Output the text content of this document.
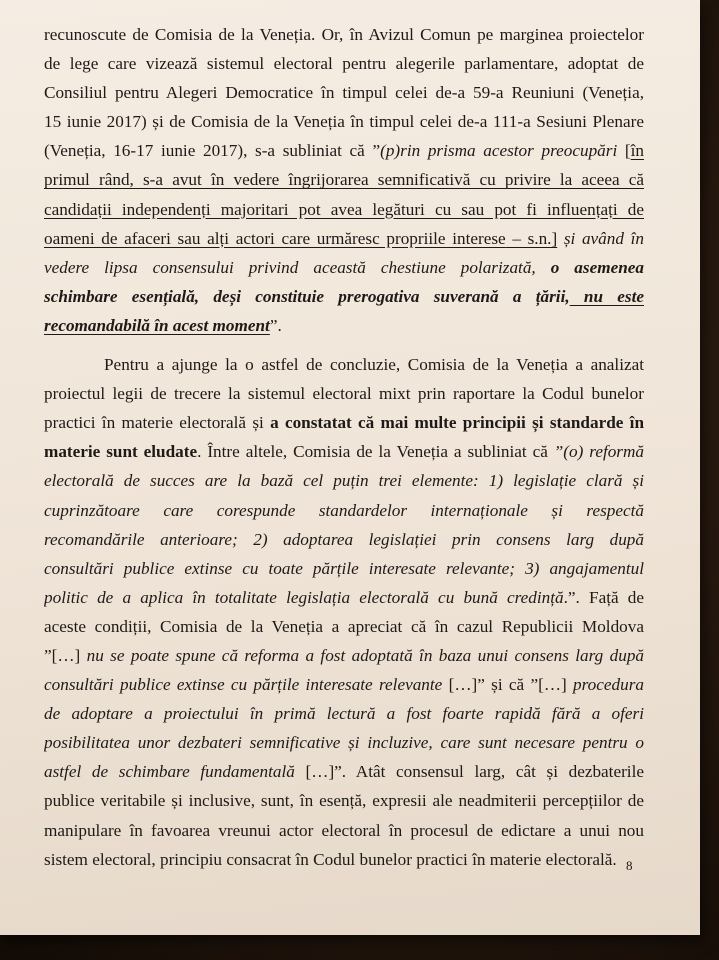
recunoscute de Comisia de la Veneția. Or, în Avizul Comun pe marginea proiectelor
de lege care vizează sistemul electoral pentru alegerile parlamentare, adoptat de
Consiliul pentru Alegeri Democratice în timpul celei de-a 59-a Reuniuni (Veneția,
15 iunie 2017) și de Comisia de la Veneția în timpul celei de-a 111-a Sesiuni Plenare
(Veneția, 16-17 iunie 2017), s-a subliniat că ”(p)rin prisma acestor preocupări [în
primul rând, s-a avut în vedere îngrijorarea semnificativă cu privire la aceea că
candidații independenți majoritari pot avea legături cu sau pot fi influențați de
oameni de afaceri sau alți actori care urmăresc propriile interese – s.n.] și având în
vedere lipsa consensului privind această chestiune polarizată, o asemenea
schimbare esențială, deși constituie prerogativa suverană a țării, nu este
recomandabilă în acest moment”.
Pentru a ajunge la o astfel de concluzie, Comisia de la Veneția a analizat
proiectul legii de trecere la sistemul electoral mixt prin raportare la Codul bunelor
practici în materie electorală și a constatat că mai multe principii și standarde în
materie sunt eludate. Între altele, Comisia de la Veneția a subliniat că ”(o) reformă
electorală de succes are la bază cel puțin trei elemente: 1) legislație clară și
cuprinzătoare care corespunde standardelor internaționale și respectă
recomandările anterioare; 2) adoptarea legislației prin consens larg după
consultări publice extinse cu toate părțile interesate relevante; 3) angajamentul
politic de a aplica în totalitate legislația electorală cu bună credință.”. Față de
aceste condiții, Comisia de la Veneția a apreciat că în cazul Republicii Moldova
”[…] nu se poate spune că reforma a fost adoptată în baza unui consens larg după
consultări publice extinse cu părțile interesate relevante […]” și că ”[…] procedura
de adoptare a proiectului în primă lectură a fost foarte rapidă fără a oferi
posibilitatea unor dezbateri semnificative și incluzive, care sunt necesare pentru o
astfel de schimbare fundamentală […]”. Atât consensul larg, cât și dezbaterile
publice veritabile și inclusive, sunt, în esență, expresii ale neadmiterii percepțiilor de
manipulare în favoarea vreunui actor electoral în procesul de edictare a unui nou
sistem electoral, principiu consacrat în Codul bunelor practici în materie electorală. 8
